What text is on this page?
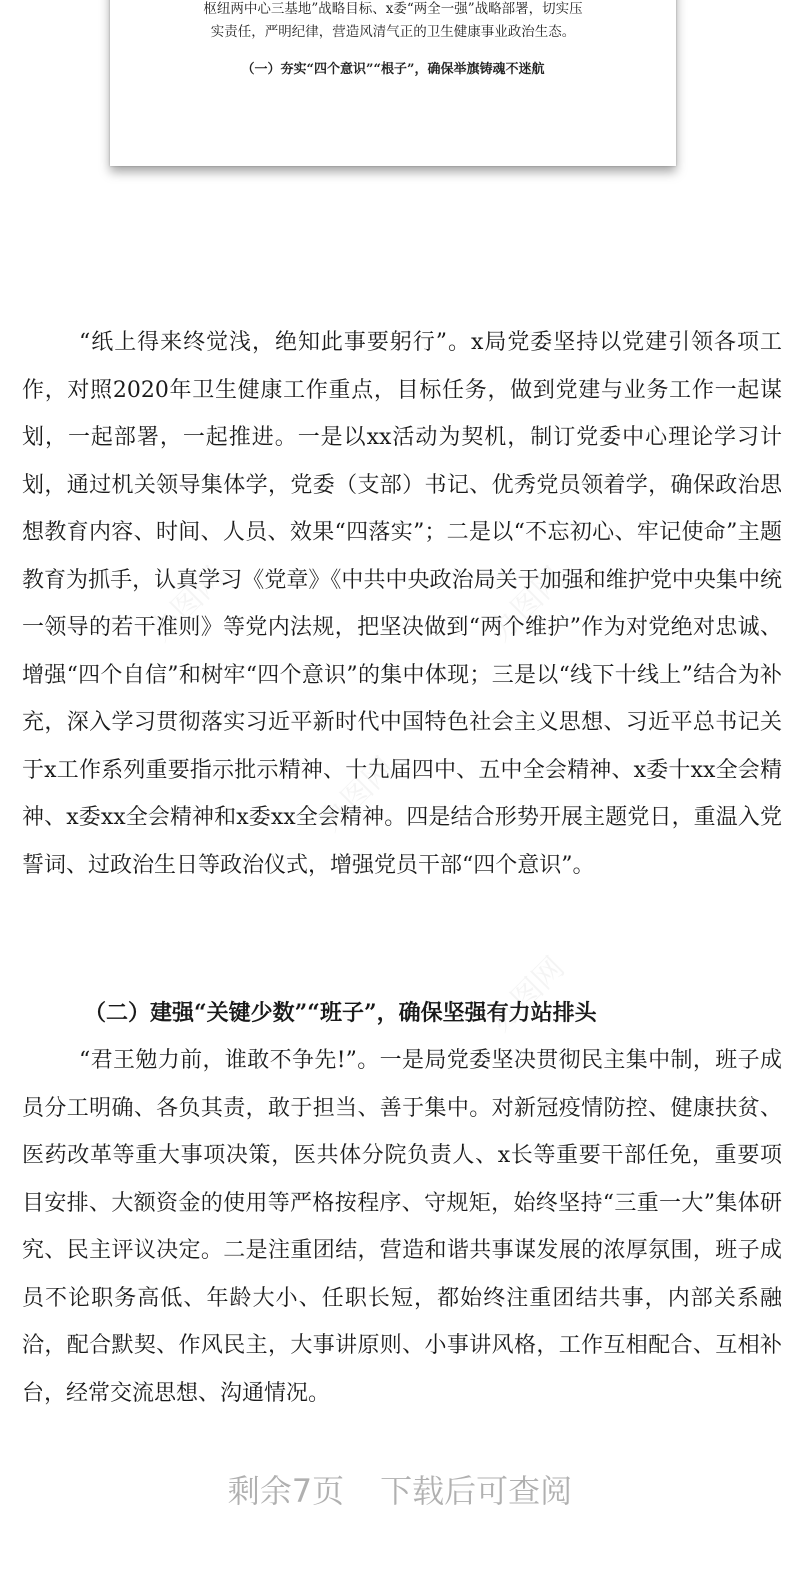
枢纽两中心三基地”战略目标、x委“两全一强”战略部署，切实压
实责任，严明纪律，营造风清气正的卫生健康事业政治生态。
（一）夯实“四个意识”“根子”，确保举旗铸魂不迷航
办图网	办图网
办图网
办图网

“纸上得来终觉浅，绝知此事要躬行”。x局党委坚持以党建引领各项工作，对照2020年卫生健康工作重点，目标任务，做到党建与业务工作一起谋划，一起部署，一起推进。一是以xx活动为契机，制订党委中心理论学习计划，通过机关领导集体学，党委（支部）书记、优秀党员领着学，确保政治思想教育内容、时间、人员、效果“四落实”；二是以“不忘初心、牢记使命”主题教育为抓手，认真学习《党章》《中共中央政治局关于加强和维护党中央集中统一领导的若干准则》等党内法规，把坚决做到“两个维护”作为对党绝对忠诚、增强“四个自信”和树牢“四个意识”的集中体现；三是以“线下十线上”结合为补充，深入学习贯彻落实习近平新时代中国特色社会主义思想、习近平总书记关于x工作系列重要指示批示精神、十九届四中、五中全会精神、x委十xx全会精神、x委xx全会精神和x委xx全会精神。四是结合形势开展主题党日，重温入党誓词、过政治生日等政治仪式，增强党员干部“四个意识”。

（二）建强“关键少数”“班子”，确保坚强有力站排头

“君王勉力前，谁敢不争先!”。一是局党委坚决贯彻民主集中制，班子成员分工明确、各负其责，敢于担当、善于集中。对新冠疫情防控、健康扶贫、医药改革等重大事项决策，医共体分院负责人、x长等重要干部任免，重要项目安排、大额资金的使用等严格按程序、守规矩，始终坚持“三重一大”集体研究、民主评议决定。二是注重团结，营造和谐共事谋发展的浓厚氛围，班子成员不论职务高低、年龄大小、任职长短，都始终注重团结共事，内部关系融洽，配合默契、作风民主，大事讲原则、小事讲风格，工作互相配合、互相补台，经常交流思想、沟通情况。

剩余7页 下载后可查阅
